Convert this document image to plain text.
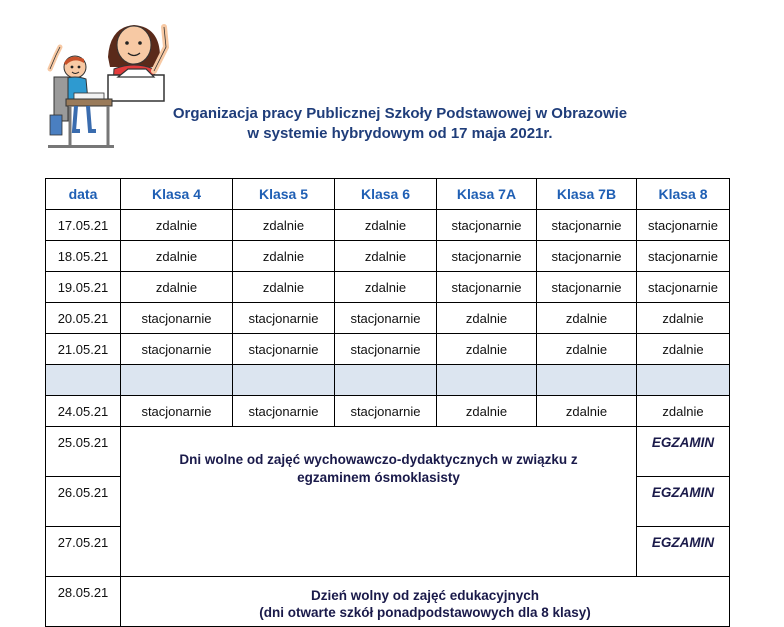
Organizacja pracy Publicznej Szkoły Podstawowej w Obrazowie
w systemie hybrydowym od 17 maja 2021r.
data	Klasa 4	Klasa 5	Klasa 6	Klasa 7A	Klasa 7B	Klasa 8
17.05.21	zdalnie	zdalnie	zdalnie	stacjonarnie	stacjonarnie	stacjonarnie
18.05.21	zdalnie	zdalnie	zdalnie	stacjonarnie	stacjonarnie	stacjonarnie
19.05.21	zdalnie	zdalnie	zdalnie	stacjonarnie	stacjonarnie	stacjonarnie
20.05.21	stacjonarnie	stacjonarnie	stacjonarnie	zdalnie	zdalnie	zdalnie
21.05.21	stacjonarnie	stacjonarnie	stacjonarnie	zdalnie	zdalnie	zdalnie

24.05.21	stacjonarnie	stacjonarnie	stacjonarnie	zdalnie	zdalnie	zdalnie
25.05.21	Dni wolne od zajęć wychowawczo-dydaktycznych w związku z
egzaminem ósmoklasisty					EGZAMIN
26.05.21						EGZAMIN
27.05.21						EGZAMIN
28.05.21	Dzień wolny od zajęć edukacyjnych
(dni otwarte szkół ponadpodstawowych dla 8 klasy)					
